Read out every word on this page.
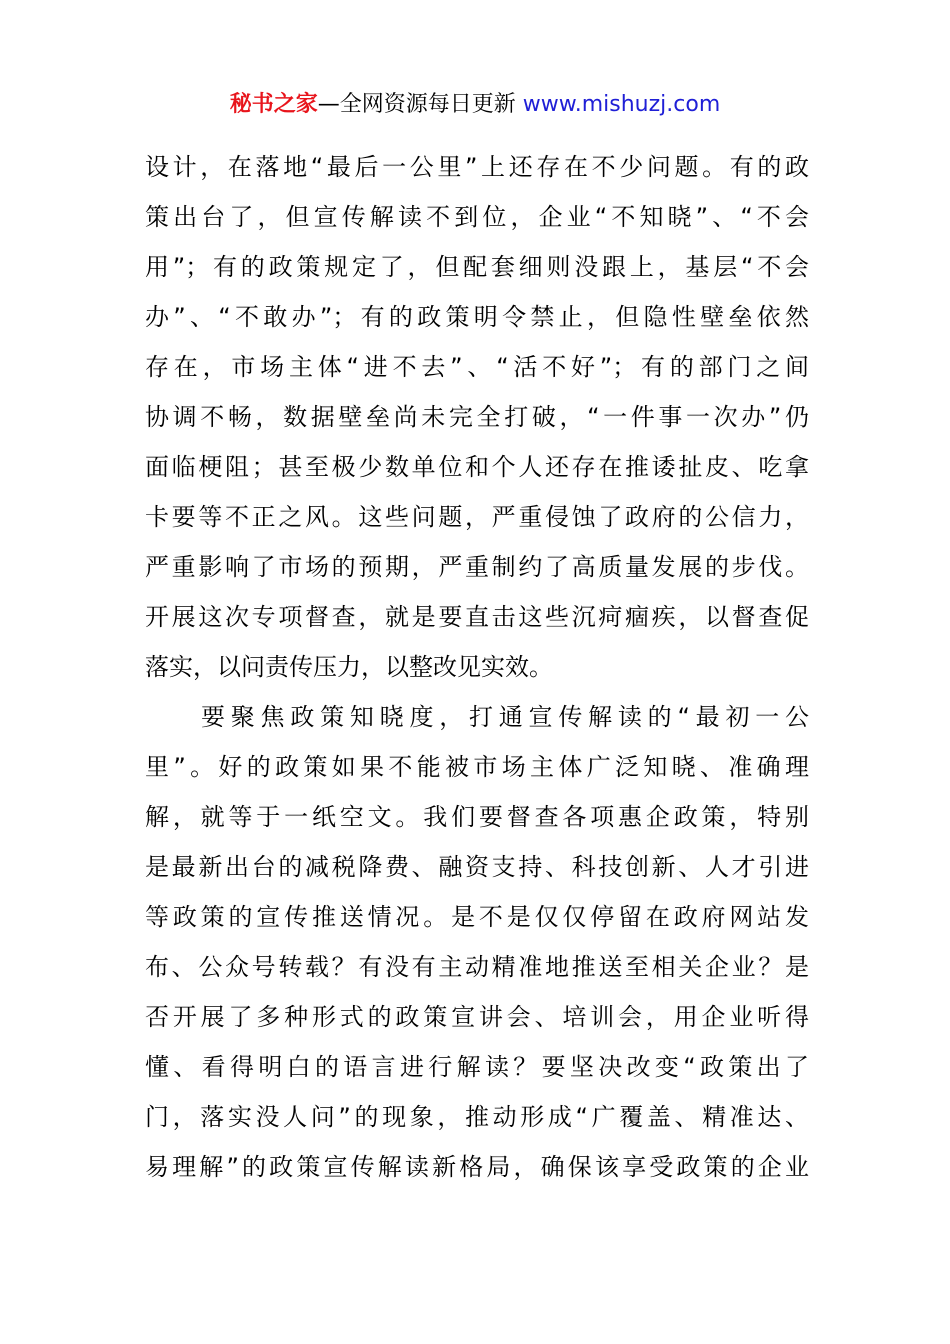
秘书之家—全网资源每日更新 www.mishuzj.com
设计，在落地“最后一公里”上还存在不少问题。有的政
策出台了，但宣传解读不到位，企业“不知晓”、“不会
用”；有的政策规定了，但配套细则没跟上，基层“不会
办”、“不敢办”；有的政策明令禁止，但隐性壁垒依然
存在，市场主体“进不去”、“活不好”；有的部门之间
协调不畅，数据壁垒尚未完全打破，“一件事一次办”仍
面临梗阻；甚至极少数单位和个人还存在推诿扯皮、吃拿
卡要等不正之风。这些问题，严重侵蚀了政府的公信力，
严重影响了市场的预期，严重制约了高质量发展的步伐。
开展这次专项督查，就是要直击这些沉疴痼疾，以督查促
落实，以问责传压力，以整改见实效。
要聚焦政策知晓度，打通宣传解读的“最初一公
里”。好的政策如果不能被市场主体广泛知晓、准确理
解，就等于一纸空文。我们要督查各项惠企政策，特别
是最新出台的减税降费、融资支持、科技创新、人才引进
等政策的宣传推送情况。是不是仅仅停留在政府网站发
布、公众号转载？有没有主动精准地推送至相关企业？是
否开展了多种形式的政策宣讲会、培训会，用企业听得
懂、看得明白的语言进行解读？要坚决改变“政策出了
门，落实没人问”的现象，推动形成“广覆盖、精准达、
易理解”的政策宣传解读新格局，确保该享受政策的企业
